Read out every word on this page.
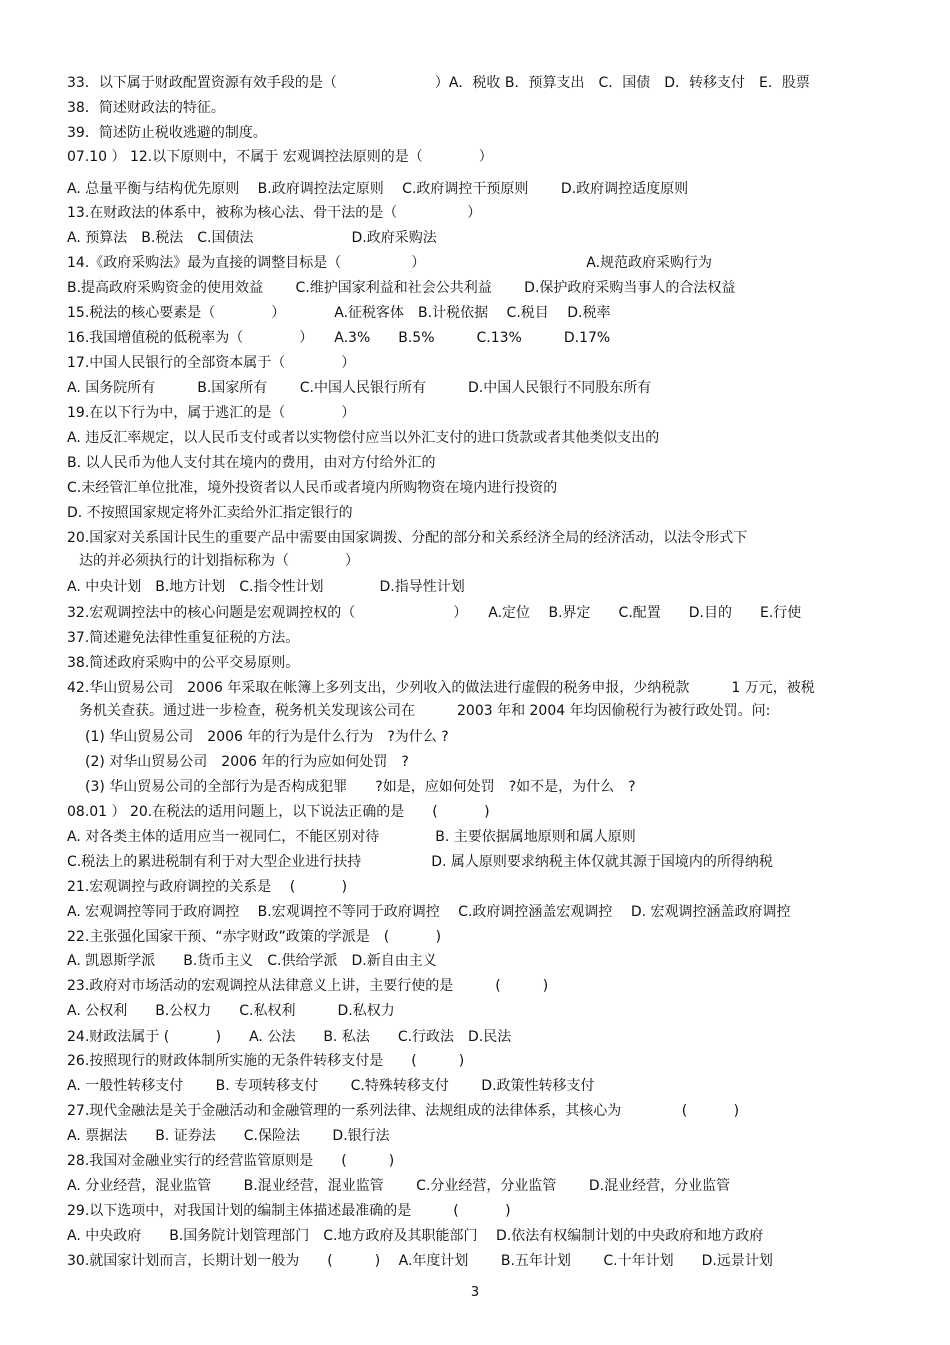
33．以下属于财政配置资源有效手段的是（　　　　　　　）A．税收 B．预算支出　C．国债　D．转移支付　E．股票
38．简述财政法的特征。
39．简述防止税收逃避的制度。
07.10 ） 12.以下原则中，不属于 宏观调控法原则的是（　　　　）
A. 总量平衡与结构优先原则　 B.政府调控法定原则　 C.政府调控干预原则　　 D.政府调控适度原则
13.在财政法的体系中，被称为核心法、骨干法的是（　　　　　）
A. 预算法　B.税法　C.国债法　　　　　　　D.政府采购法
14.《政府采购法》最为直接的调整目标是（　　　　　）　　　　　　　　　　　　A.规范政府采购行为
B.提高政府采购资金的使用效益　　 C.维护国家利益和社会公共利益　　 D.保护政府采购当事人的合法权益
15.税法的核心要素是（　　　　）　　　　A.征税客体　B.计税依据　 C.税目　 D.税率
16.我国增值税的低税率为（　　　　）　　A.3%　　B.5%　　　C.13%　　　D.17%
17.中国人民银行的全部资本属于（　　　　）
A. 国务院所有　　　B.国家所有　　 C.中国人民银行所有　　　D.中国人民银行不同股东所有
19.在以下行为中，属于逃汇的是（　　　　）
A. 违反汇率规定，以人民币支付或者以实物偿付应当以外汇支付的进口货款或者其他类似支出的
B. 以人民币为他人支付其在境内的费用，由对方付给外汇的
C.未经管汇单位批准，境外投资者以人民币或者境内所购物资在境内进行投资的
D. 不按照国家规定将外汇卖给外汇指定银行的
20.国家对关系国计民生的重要产品中需要由国家调拨、分配的部分和关系经济全局的经济活动，以法令形式下
达的并必须执行的计划指标称为（　　　　）
A. 中央计划　B.地方计划　C.指令性计划　　　　D.指导性计划
32.宏观调控法中的核心问题是宏观调控权的（　　　　　　　）　　A.定位　 B.界定　　C.配置　　D.目的　　E.行使
37.简述避免法律性重复征税的方法。
38.简述政府采购中的公平交易原则。
42.华山贸易公司　2006 年采取在帐簿上多列支出，少列收入的做法进行虚假的税务申报，少纳税款　　　1 万元，被税
务机关查获。通过进一步检查，税务机关发现该公司在　　　2003 年和 2004 年均因偷税行为被行政处罚。问:
(1) 华山贸易公司　2006 年的行为是什么行为　?为什么 ?
(2) 对华山贸易公司　2006 年的行为应如何处罚　?
(3) 华山贸易公司的全部行为是否构成犯罪　　?如是，应如何处罚　?如不是，为什么　?
08.01 ） 20.在税法的适用问题上，以下说法正确的是　　(　　　 )
A. 对各类主体的适用应当一视同仁，不能区别对待　　　　B. 主要依据属地原则和属人原则
C.税法上的累进税制有利于对大型企业进行扶持　　　　　D. 属人原则要求纳税主体仅就其源于国境内的所得纳税
21.宏观调控与政府调控的关系是　 (　　　 )
A. 宏观调控等同于政府调控　 B.宏观调控不等同于政府调控　 C.政府调控涵盖宏观调控　 D. 宏观调控涵盖政府调控
22.主张强化国家干预、“赤字财政”政策的学派是　(　　　 )
A. 凯恩斯学派　　B.货币主义　C.供给学派　D.新自由主义
23.政府对市场活动的宏观调控从法律意义上讲，主要行使的是　　　(　　　)
A. 公权利　　B.公权力　　C.私权利　　　D.私权力
24.财政法属于 (　　　 )　　A. 公法　　B. 私法　　C.行政法　D.民法
26.按照现行的财政体制所实施的无条件转移支付是　　(　　　)
A. 一般性转移支付　　 B. 专项转移支付　　 C.特殊转移支付　　 D.政策性转移支付
27.现代金融法是关于金融活动和金融管理的一系列法律、法规组成的法律体系，其核心为　　　　 (　　　 )
A. 票据法　　B. 证券法　　C.保险法　　 D.银行法
28.我国对金融业实行的经营监管原则是　　(　　　)
A. 分业经营，混业监管　　 B.混业经营，混业监管　　 C.分业经营，分业监管　　 D.混业经营，分业监管
29.以下选项中，对我国计划的编制主体描述最准确的是　　　(　　　 )
A. 中央政府　　B.国务院计划管理部门　C.地方政府及其职能部门　 D.依法有权编制计划的中央政府和地方政府
30.就国家计划而言，长期计划一般为　　(　　　)　 A.年度计划　　 B.五年计划　　 C.十年计划　　D.远景计划
3
